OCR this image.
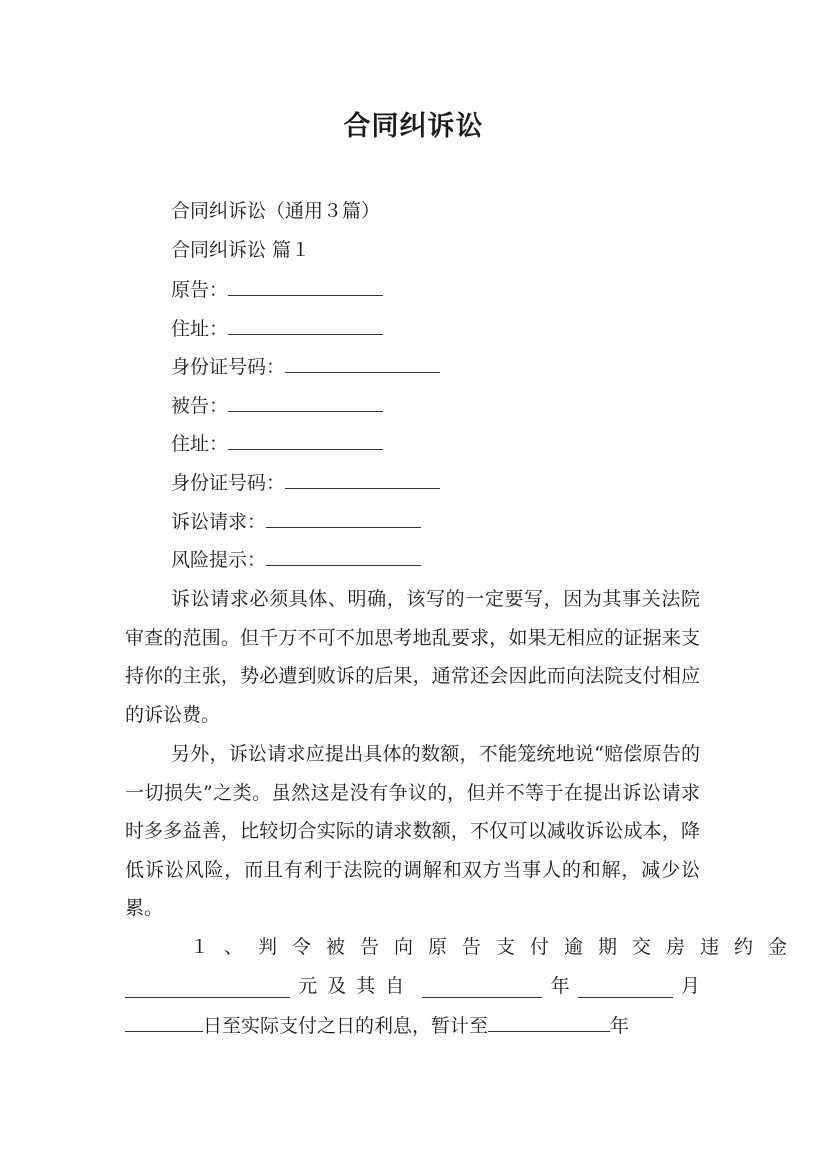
合同纠诉讼
合同纠诉讼（通用３篇）
合同纠诉讼 篇１
原告：
住址：
身份证号码：
被告：
住址：
身份证号码：
诉讼请求：
风险提示：

诉讼请求必须具体、明确，该写的一定要写，因为其事关法院审查的范围。但千万不可不加思考地乱要求，如果无相应的证据来支持你的主张，势必遭到败诉的后果，通常还会因此而向法院支付相应的诉讼费。

另外，诉讼请求应提出具体的数额，不能笼统地说“赔偿原告的一切损失”之类。虽然这是没有争议的，但并不等于在提出诉讼请求时多多益善，比较切合实际的请求数额，不仅可以减收诉讼成本，降低诉讼风险，而且有利于法院的调解和双方当事人的和解，减少讼累。

１、判令被告向原告支付逾期交房违约金
元及其自	年	月
日至实际支付之日的利息，暂计至	年
